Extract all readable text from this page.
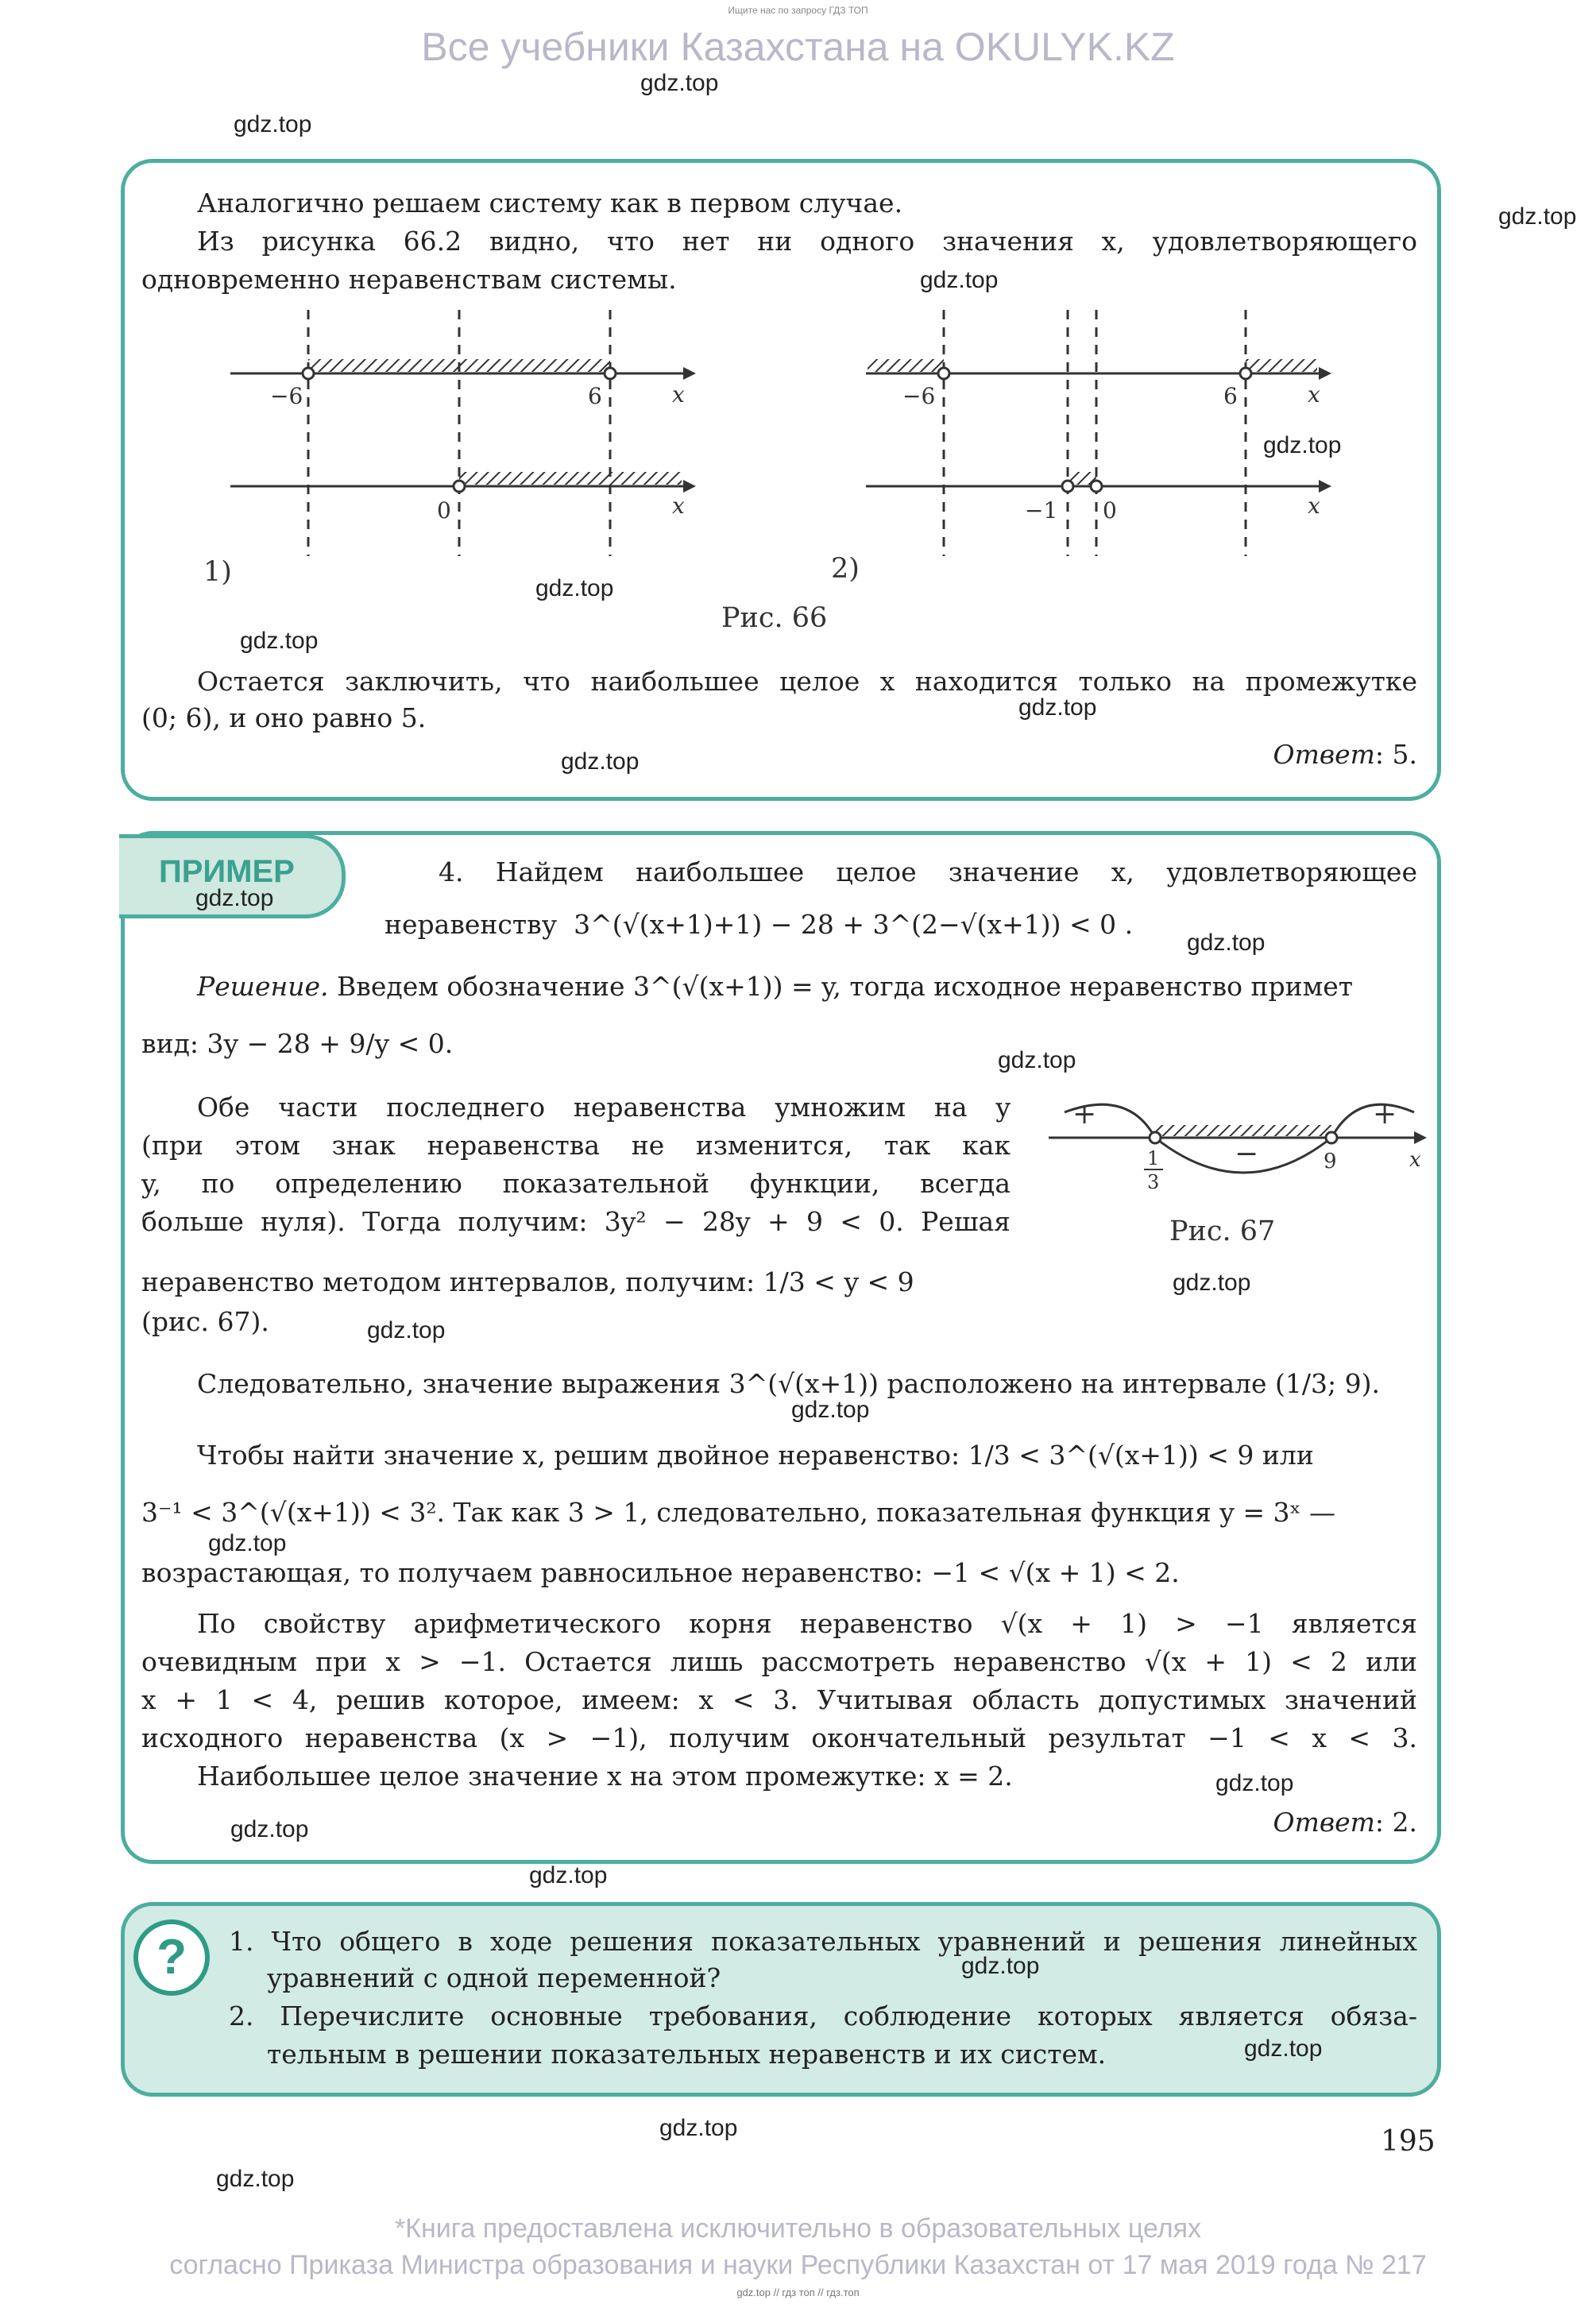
Ищите нас по запросу ГДЗ ТОП
Все учебники Казахстана на OKULYK.KZ
Аналогично решаем систему как в первом случае.
Из рисунка 66.2 видно, что нет ни одного значения x, удовлетворяющего
одновременно неравенствам системы.
−6	6	x
0	x
−6	6	x
−1 0	x
1)	2)
Рис. 66
Остается заключить, что наибольшее целое x находится только на промежутке
(0; 6), и оно равно 5.
Ответ: 5.
ПРИМЕР	4. Найдем наибольшее целое значение x, удовлетворяющее
неравенству 3^(√(x+1)+1) − 28 + 3^(2−√(x+1)) < 0 .
Решение. Введем обозначение 3^(√(x+1)) = y, тогда исходное неравенство примет
вид: 3y − 28 + 9/y < 0.
Обе части последнего неравенства умножим на y
(при этом знак неравенства не изменится, так как
y, по определению показательной функции, всегда
больше нуля). Тогда получим: 3y² − 28y + 9 < 0. Решая
неравенство методом интервалов, получим: 1/3 < y < 9
(рис. 67).
+
−
+
1
3
9	x
Рис. 67
Следовательно, значение выражения 3^(√(x+1)) расположено на интервале (1/3; 9).
Чтобы найти значение x, решим двойное неравенство: 1/3 < 3^(√(x+1)) < 9 или
3⁻¹ < 3^(√(x+1)) < 3². Так как 3 > 1, следовательно, показательная функция y = 3ˣ —
возрастающая, то получаем равносильное неравенство: −1 < √(x + 1) < 2.
По свойству арифметического корня неравенство √(x + 1) > −1 является
очевидным при x > −1. Остается лишь рассмотреть неравенство √(x + 1) < 2 или
x + 1 < 4, решив которое, имеем: x < 3. Учитывая область допустимых значений
исходного неравенства (x > −1), получим окончательный результат −1 < x < 3.
Наибольшее целое значение x на этом промежутке: x = 2.
Ответ: 2.
?	1. Что общего в ходе решения показательных уравнений и решения линейных
уравнений с одной переменной?
2. Перечислите основные требования, соблюдение которых является обяза-
тельным в решении показательных неравенств и их систем.
195
*Книга предоставлена исключительно в образовательных целях
согласно Приказа Министра образования и науки Республики Казахстан от 17 мая 2019 года № 217
gdz.top // гдз топ // гдз.топ
gdz.top
gdz.top
gdz.top
gdz.top
gdz.top
gdz.top
gdz.top
gdz.top
gdz.top
gdz.top
gdz.top
gdz.top
gdz.top
gdz.top
gdz.top
gdz.top
gdz.top
gdz.top
gdz.top
gdz.top
gdz.top
gdz.top
gdz.top
